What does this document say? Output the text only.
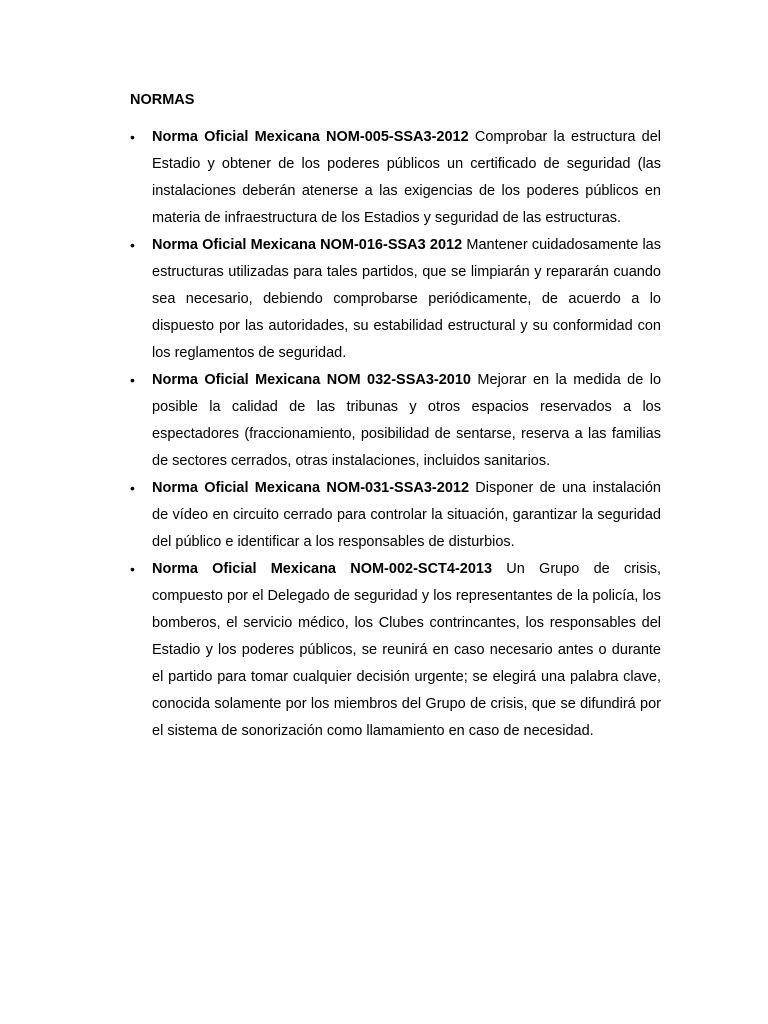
NORMAS
• Norma Oficial Mexicana NOM-005-SSA3-2012 Comprobar la estructura del Estadio y obtener de los poderes públicos un certificado de seguridad (las instalaciones deberán atenerse a las exigencias de los poderes públicos en materia de infraestructura de los Estadios y seguridad de las estructuras.
• Norma Oficial Mexicana NOM-016-SSA3 2012 Mantener cuidadosamente las estructuras utilizadas para tales partidos, que se limpiarán y repararán cuando sea necesario, debiendo comprobarse periódicamente, de acuerdo a lo dispuesto por las autoridades, su estabilidad estructural y su conformidad con los reglamentos de seguridad.
• Norma Oficial Mexicana NOM 032-SSA3-2010 Mejorar en la medida de lo posible la calidad de las tribunas y otros espacios reservados a los espectadores (fraccionamiento, posibilidad de sentarse, reserva a las familias de sectores cerrados, otras instalaciones, incluidos sanitarios.
• Norma Oficial Mexicana NOM-031-SSA3-2012 Disponer de una instalación de vídeo en circuito cerrado para controlar la situación, garantizar la seguridad del público e identificar a los responsables de disturbios.
• Norma Oficial Mexicana NOM-002-SCT4-2013 Un Grupo de crisis, compuesto por el Delegado de seguridad y los representantes de la policía, los bomberos, el servicio médico, los Clubes contrincantes, los responsables del Estadio y los poderes públicos, se reunirá en caso necesario antes o durante el partido para tomar cualquier decisión urgente; se elegirá una palabra clave, conocida solamente por los miembros del Grupo de crisis, que se difundirá por el sistema de sonorización como llamamiento en caso de necesidad.
